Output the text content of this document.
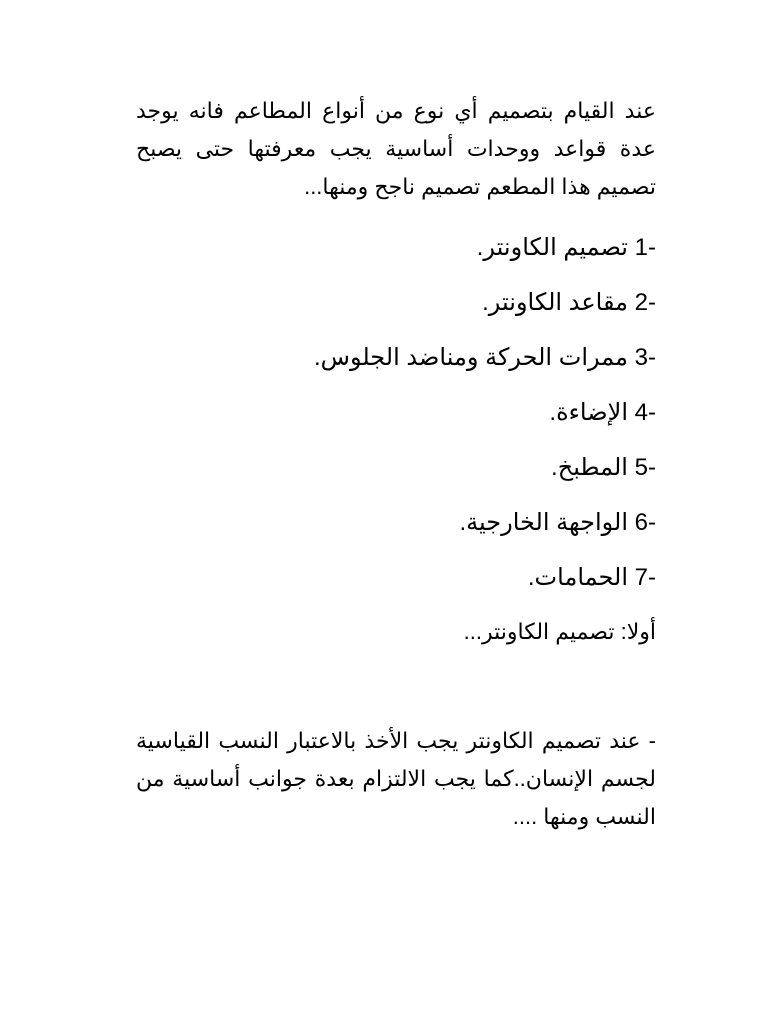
عند القيام بتصميم أي نوع من أنواع المطاعم فانه يوجد عدة قواعد ووحدات أساسية يجب معرفتها حتى يصبح تصميم هذا المطعم تصميم ناجح ومنها...

1- تصميم الكاونتر.
2- مقاعد الكاونتر.
3- ممرات الحركة ومناضد الجلوس.
4- الإضاءة.
5- المطبخ.
6- الواجهة الخارجية.
7- الحمامات.
أولا: تصميم الكاونتر...

- عند تصميم الكاونتر يجب الأخذ بالاعتبار النسب القياسية لجسم الإنسان..كما يجب الالتزام بعدة جوانب أساسية من النسب ومنها ....
